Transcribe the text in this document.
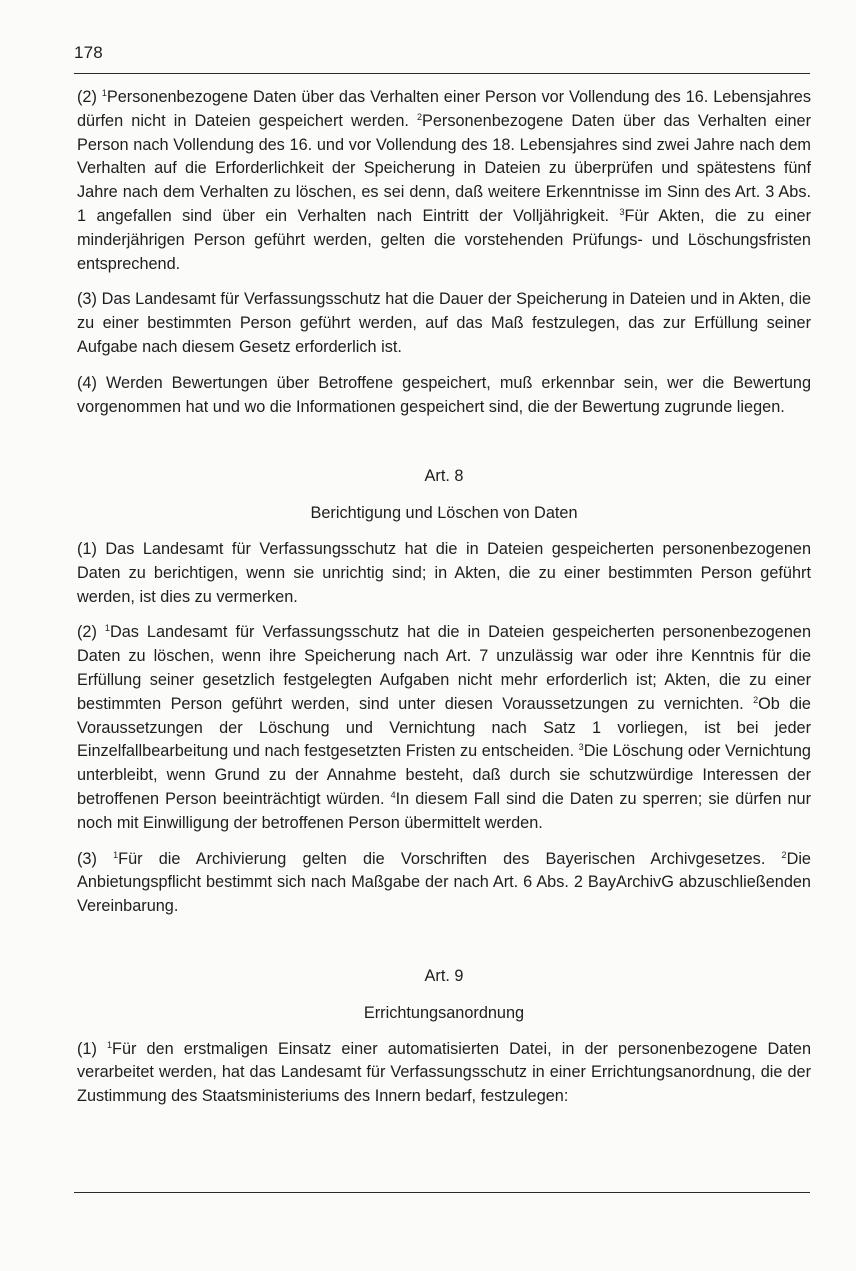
178

(2) $^1$Personenbezogene Daten über das Verhalten einer Person vor Vollendung des 16. Lebensjahres dürfen nicht in Dateien gespeichert werden. $^2$Personenbezogene Daten über das Verhalten einer Person nach Vollendung des 16. und vor Vollendung des 18. Lebensjahres sind zwei Jahre nach dem Verhalten auf die Erforderlichkeit der Speicherung in Dateien zu überprüfen und spätestens fünf Jahre nach dem Verhalten zu löschen, es sei denn, daß weitere Erkenntnisse im Sinn des Art. 3 Abs. 1 angefallen sind über ein Verhalten nach Eintritt der Volljährigkeit. $^3$Für Akten, die zu einer minderjährigen Person geführt werden, gelten die vorstehenden Prüfungs- und Löschungsfristen entsprechend.

(3) Das Landesamt für Verfassungsschutz hat die Dauer der Speicherung in Dateien und in Akten, die zu einer bestimmten Person geführt werden, auf das Maß festzulegen, das zur Erfüllung seiner Aufgabe nach diesem Gesetz erforderlich ist.

(4) Werden Bewertungen über Betroffene gespeichert, muß erkennbar sein, wer die Bewertung vorgenommen hat und wo die Informationen gespeichert sind, die der Bewertung zugrunde liegen.

Art. 8

Berichtigung und Löschen von Daten

(1) Das Landesamt für Verfassungsschutz hat die in Dateien gespeicherten personenbezogenen Daten zu berichtigen, wenn sie unrichtig sind; in Akten, die zu einer bestimmten Person geführt werden, ist dies zu vermerken.

(2) $^1$Das Landesamt für Verfassungsschutz hat die in Dateien gespeicherten personenbezogenen Daten zu löschen, wenn ihre Speicherung nach Art. 7 unzulässig war oder ihre Kenntnis für die Erfüllung seiner gesetzlich festgelegten Aufgaben nicht mehr erforderlich ist; Akten, die zu einer bestimmten Person geführt werden, sind unter diesen Voraussetzungen zu vernichten. $^2$Ob die Voraussetzungen der Löschung und Vernichtung nach Satz 1 vorliegen, ist bei jeder Einzelfallbearbeitung und nach festgesetzten Fristen zu entscheiden. $^3$Die Löschung oder Vernichtung unterbleibt, wenn Grund zu der Annahme besteht, daß durch sie schutzwürdige Interessen der betroffenen Person beeinträchtigt würden. $^4$In diesem Fall sind die Daten zu sperren; sie dürfen nur noch mit Einwilligung der betroffenen Person übermittelt werden.

(3) $^1$Für die Archivierung gelten die Vorschriften des Bayerischen Archivgesetzes. $^2$Die Anbietungspflicht bestimmt sich nach Maßgabe der nach Art. 6 Abs. 2 BayArchivG abzuschließenden Vereinbarung.

Art. 9

Errichtungsanordnung

(1) $^1$Für den erstmaligen Einsatz einer automatisierten Datei, in der personenbezogene Daten verarbeitet werden, hat das Landesamt für Verfassungsschutz in einer Errichtungsanordnung, die der Zustimmung des Staatsministeriums des Innern bedarf, festzulegen:
